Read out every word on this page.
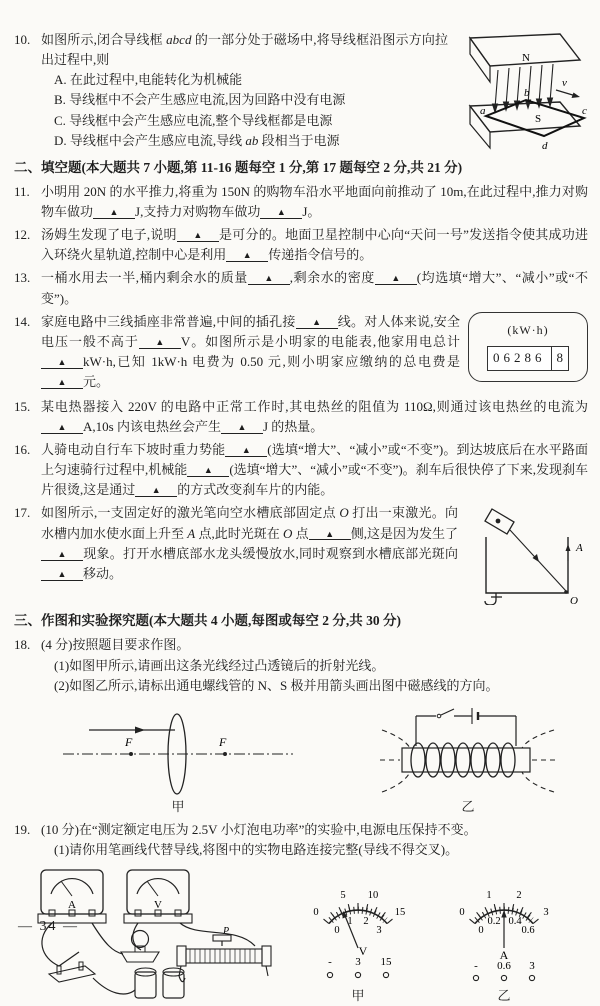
N
S
a
b
c
d
v
10. 如图所示,闭合导线框 abcd 的一部分处于磁场中,将导线框沿图示方向拉出过程中,则
A. 在此过程中,电能转化为机械能
B. 导线框中不会产生感应电流,因为回路中没有电源
C. 导线框中会产生感应电流,整个导线框都是电源
D. 导线框中会产生感应电流,导线 ab 段相当于电源
二、填空题(本大题共 7 小题,第 11-16 题每空 1 分,第 17 题每空 2 分,共 21 分)
11. 小明用 20N 的水平推力,将重为 150N 的购物车沿水平地面向前推动了 10m,在此过程中,推力对购物车做功 ▲ J,支持力对购物车做功 ▲ J。
12. 汤姆生发现了电子,说明 ▲ 是可分的。地面卫星控制中心向“天问一号”发送指令使其成功进入环绕火星轨道,控制中心是利用 ▲ 传递指令信号的。
13. 一桶水用去一半,桶内剩余水的质量 ▲ ,剩余水的密度 ▲ (均选填“增大”、“减小”或“不变”)。
(kW·h)
06286 8
14. 家庭电路中三线插座非常普遍,中间的插孔接 ▲ 线。对人体来说,安全电压一般不高于 ▲ V。如图所示是小明家的电能表,他家用电总计▲ kW·h,已知 1kW·h 电费为 0.50 元,则小明家应缴纳的总电费是▲ 元。
15. 某电热器接入 220V 的电路中正常工作时,其电热丝的阻值为 110Ω,则通过该电热丝的电流为▲ A,10s 内该电热丝会产生 ▲ J 的热量。
16. 人骑电动自行车下坡时重力势能 ▲ (选填“增大”、“减小”或“不变”)。到达坡底后在水平路面上匀速骑行过程中,机械能 ▲ (选填“增大”、“减小”或“不变”)。刹车后很快停了下来,发现刹车片很烫,这是通过 ▲ 的方式改变刹车片的内能。
A
O
17. 如图所示,一支固定好的激光笔向空水槽底部固定点 O 打出一束激光。向水槽内加水使水面上升至 A 点,此时光斑在 O 点 ▲ 侧,这是因为发生了▲ 现象。打开水槽底部水龙头缓慢放水,同时观察到水槽底部光斑向▲ 移动。
三、作图和实验探究题(本大题共 4 小题,每图或每空 2 分,共 30 分)
18. (4 分)按照题目要求作图。
(1)如图甲所示,请画出这条光线经过凸透镜后的折射光线。
(2)如图乙所示,请标出通电螺线管的 N、S 极并用箭头画出图中磁感线的方向。
F	F
甲	乙
19. (10 分)在“测定额定电压为 2.5V 小灯泡电功率”的实验中,电源电压保持不变。
(1)请你用笔画线代替导线,将图中的实物电路连接完整(导线不得交叉)。
A	V
P
0
5 10
15
0
1 2
3
V
- 3 15
甲
0
1 2
3
0
0.2 0.4
0.6
A
- 0.6 3
乙
— 34 —
